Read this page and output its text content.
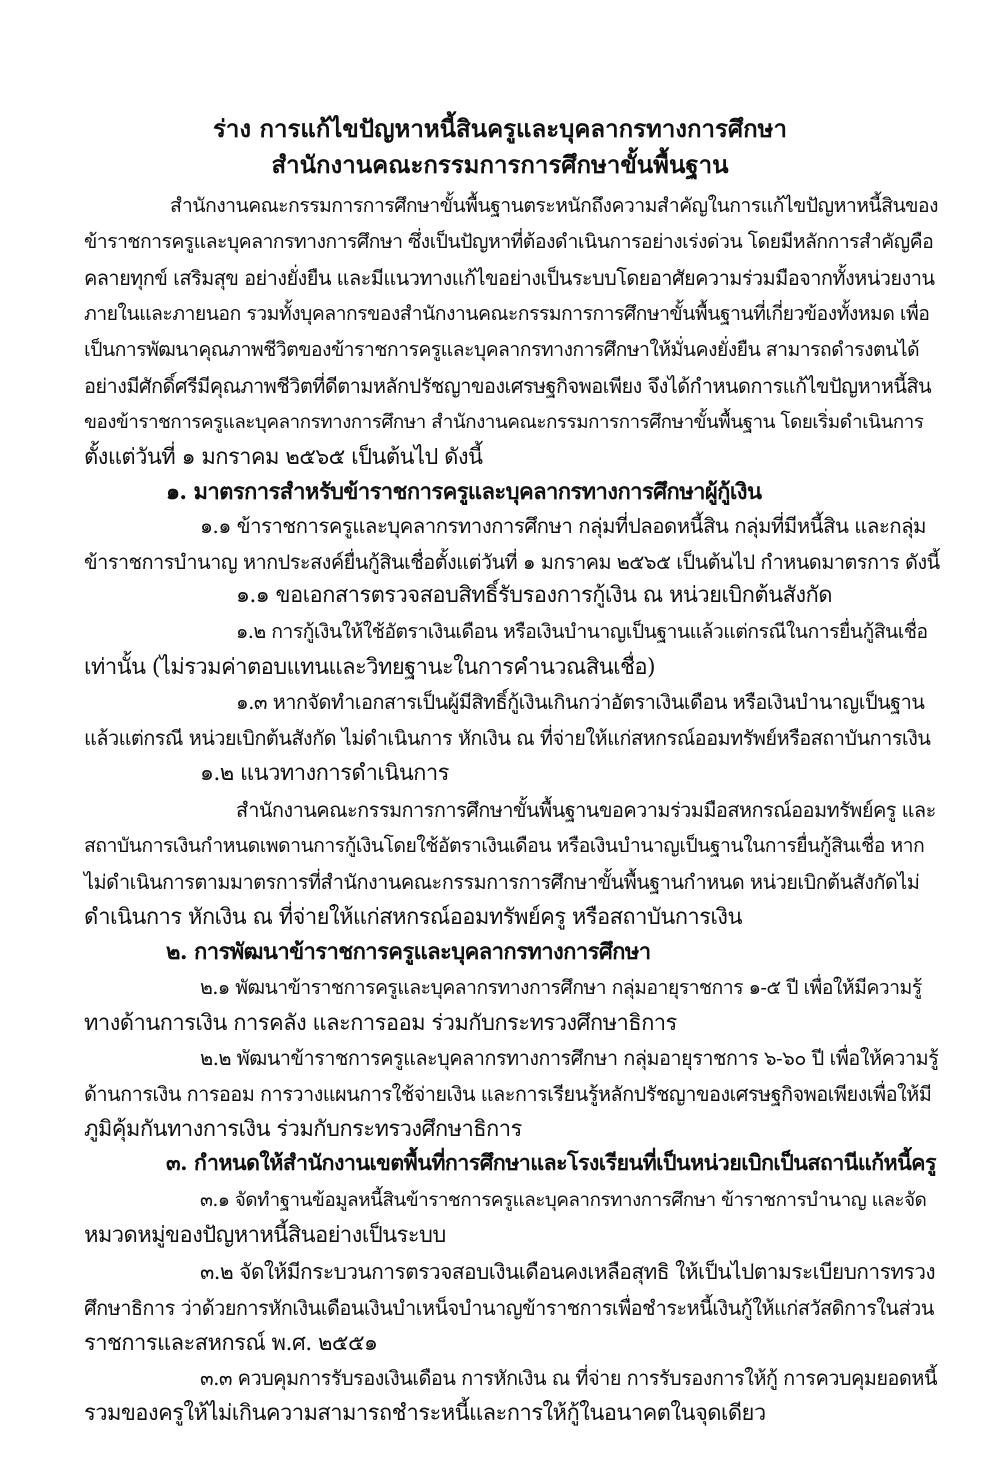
ร่าง การแก้ไขปัญหาหนี้สินครูและบุคลากรทางการศึกษา
สำนักงานคณะกรรมการการศึกษาขั้นพื้นฐาน
สำนักงานคณะกรรมการการศึกษาขั้นพื้นฐานตระหนักถึงความสำคัญในการแก้ไขปัญหาหนี้สินของ
ข้าราชการครูและบุคลากรทางการศึกษา ซึ่งเป็นปัญหาที่ต้องดำเนินการอย่างเร่งด่วน โดยมีหลักการสำคัญคือ
คลายทุกข์ เสริมสุข อย่างยั่งยืน และมีแนวทางแก้ไขอย่างเป็นระบบโดยอาศัยความร่วมมือจากทั้งหน่วยงาน
ภายในและภายนอก รวมทั้งบุคลากรของสำนักงานคณะกรรมการการศึกษาขั้นพื้นฐานที่เกี่ยวข้องทั้งหมด เพื่อ
เป็นการพัฒนาคุณภาพชีวิตของข้าราชการครูและบุคลากรทางการศึกษาให้มั่นคงยั่งยืน สามารถดำรงตนได้
อย่างมีศักดิ์ศรีมีคุณภาพชีวิตที่ดีตามหลักปรัชญาของเศรษฐกิจพอเพียง จึงได้กำหนดการแก้ไขปัญหาหนี้สิน
ของข้าราชการครูและบุคลากรทางการศึกษา สำนักงานคณะกรรมการการศึกษาขั้นพื้นฐาน โดยเริ่มดำเนินการ
ตั้งแต่วันที่ ๑ มกราคม ๒๕๖๕ เป็นต้นไป ดังนี้
๑. มาตรการสำหรับข้าราชการครูและบุคลากรทางการศึกษาผู้กู้เงิน
๑.๑ ข้าราชการครูและบุคลากรทางการศึกษา กลุ่มที่ปลอดหนี้สิน กลุ่มที่มีหนี้สิน และกลุ่ม
ข้าราชการบำนาญ หากประสงค์ยื่นกู้สินเชื่อตั้งแต่วันที่ ๑ มกราคม ๒๕๖๕ เป็นต้นไป กำหนดมาตรการ ดังนี้
๑.๑ ขอเอกสารตรวจสอบสิทธิ์รับรองการกู้เงิน ณ หน่วยเบิกต้นสังกัด
๑.๒ การกู้เงินให้ใช้อัตราเงินเดือน หรือเงินบำนาญเป็นฐานแล้วแต่กรณีในการยื่นกู้สินเชื่อ
เท่านั้น (ไม่รวมค่าตอบแทนและวิทยฐานะในการคำนวณสินเชื่อ)
๑.๓ หากจัดทำเอกสารเป็นผู้มีสิทธิ์กู้เงินเกินกว่าอัตราเงินเดือน หรือเงินบำนาญเป็นฐาน
แล้วแต่กรณี หน่วยเบิกต้นสังกัด ไม่ดำเนินการ หักเงิน ณ ที่จ่ายให้แก่สหกรณ์ออมทรัพย์หรือสถาบันการเงิน
๑.๒ แนวทางการดำเนินการ
สำนักงานคณะกรรมการการศึกษาขั้นพื้นฐานขอความร่วมมือสหกรณ์ออมทรัพย์ครู และ
สถาบันการเงินกำหนดเพดานการกู้เงินโดยใช้อัตราเงินเดือน หรือเงินบำนาญเป็นฐานในการยื่นกู้สินเชื่อ หาก
ไม่ดำเนินการตามมาตรการที่สำนักงานคณะกรรมการการศึกษาขั้นพื้นฐานกำหนด หน่วยเบิกต้นสังกัดไม่
ดำเนินการ หักเงิน ณ ที่จ่ายให้แก่สหกรณ์ออมทรัพย์ครู หรือสถาบันการเงิน
๒. การพัฒนาข้าราชการครูและบุคลากรทางการศึกษา
๒.๑ พัฒนาข้าราชการครูและบุคลากรทางการศึกษา กลุ่มอายุราชการ ๑-๕ ปี เพื่อให้มีความรู้
ทางด้านการเงิน การคลัง และการออม ร่วมกับกระทรวงศึกษาธิการ
๒.๒ พัฒนาข้าราชการครูและบุคลากรทางการศึกษา กลุ่มอายุราชการ ๖-๖๐ ปี เพื่อให้ความรู้
ด้านการเงิน การออม การวางแผนการใช้จ่ายเงิน และการเรียนรู้หลักปรัชญาของเศรษฐกิจพอเพียงเพื่อให้มี
ภูมิคุ้มกันทางการเงิน ร่วมกับกระทรวงศึกษาธิการ
๓. กำหนดให้สำนักงานเขตพื้นที่การศึกษาและโรงเรียนที่เป็นหน่วยเบิกเป็นสถานีแก้หนี้ครู
๓.๑ จัดทำฐานข้อมูลหนี้สินข้าราชการครูและบุคลากรทางการศึกษา ข้าราชการบำนาญ และจัด
หมวดหมู่ของปัญหาหนี้สินอย่างเป็นระบบ
๓.๒ จัดให้มีกระบวนการตรวจสอบเงินเดือนคงเหลือสุทธิ ให้เป็นไปตามระเบียบการทรวง
ศึกษาธิการ ว่าด้วยการหักเงินเดือนเงินบำเหน็จบำนาญข้าราชการเพื่อชำระหนี้เงินกู้ให้แก่สวัสดิการในส่วน
ราชการและสหกรณ์ พ.ศ. ๒๕๕๑
๓.๓ ควบคุมการรับรองเงินเดือน การหักเงิน ณ ที่จ่าย การรับรองการให้กู้ การควบคุมยอดหนี้
รวมของครูให้ไม่เกินความสามารถชำระหนี้และการให้กู้ในอนาคตในจุดเดียว
